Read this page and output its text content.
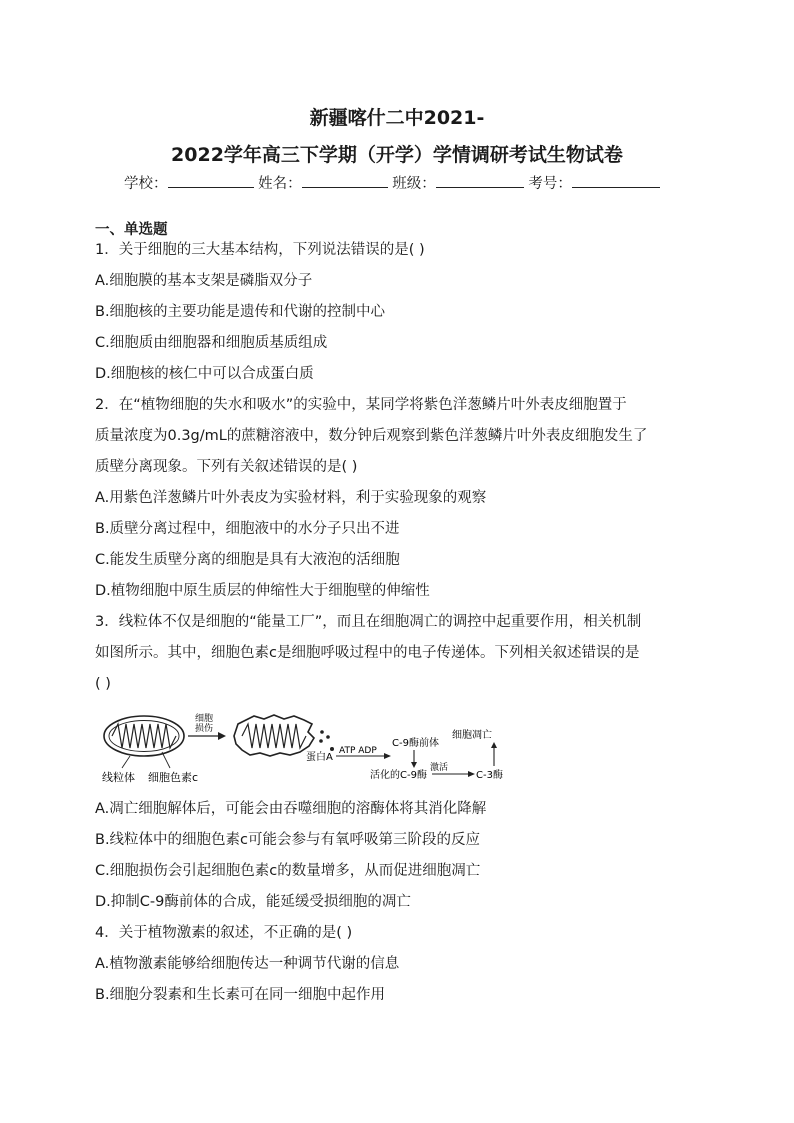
新疆喀什二中2021-
2022学年高三下学期（开学）学情调研考试生物试卷
学校：	姓名：	班级：	考号：
一、单选题
1．关于细胞的三大基本结构，下列说法错误的是( )
A.细胞膜的基本支架是磷脂双分子
B.细胞核的主要功能是遗传和代谢的控制中心
C.细胞质由细胞器和细胞质基质组成
D.细胞核的核仁中可以合成蛋白质
2．在“植物细胞的失水和吸水”的实验中，某同学将紫色洋葱鳞片叶外表皮细胞置于
质量浓度为0.3g/mL的蔗糖溶液中，数分钟后观察到紫色洋葱鳞片叶外表皮细胞发生了
质壁分离现象。下列有关叙述错误的是( )
A.用紫色洋葱鳞片叶外表皮为实验材料，利于实验现象的观察
B.质壁分离过程中，细胞液中的水分子只出不进
C.能发生质壁分离的细胞是具有大液泡的活细胞
D.植物细胞中原生质层的伸缩性大于细胞壁的伸缩性
3．线粒体不仅是细胞的“能量工厂”，而且在细胞凋亡的调控中起重要作用，相关机制
如图所示。其中，细胞色素c是细胞呼吸过程中的电子传递体。下列相关叙述错误的是
( )
细胞
损伤
蛋白A
ATP ADP
C-9酶前体
活化的C-9酶
激活
C-3酶
细胞凋亡
线粒体 细胞色素c
A.凋亡细胞解体后，可能会由吞噬细胞的溶酶体将其消化降解
B.线粒体中的细胞色素c可能会参与有氧呼吸第三阶段的反应
C.细胞损伤会引起细胞色素c的数量增多，从而促进细胞凋亡
D.抑制C-9酶前体的合成，能延缓受损细胞的凋亡
4．关于植物激素的叙述，不正确的是( )
A.植物激素能够给细胞传达一种调节代谢的信息
B.细胞分裂素和生长素可在同一细胞中起作用
